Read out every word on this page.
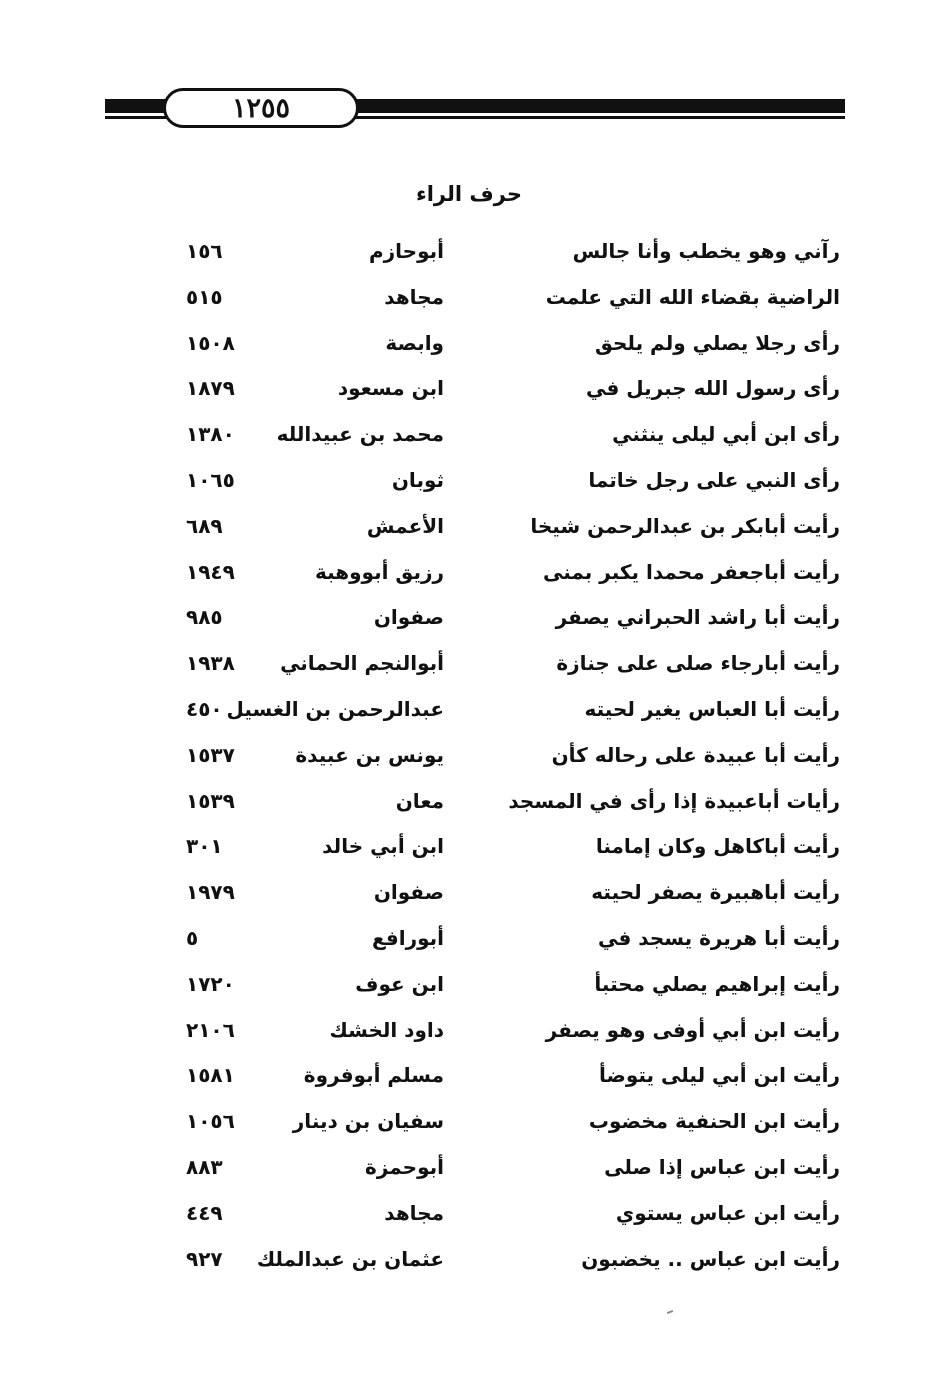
١٢٥٥
حرف الراء
رآني وهو يخطب وأنا جالس
أبوحازم
١٥٦
الراضية بقضاء الله التي علمت
مجاهد
٥١٥
رأى رجلا يصلي ولم يلحق
وابصة
١٥٠٨
رأى رسول الله جبريل في
ابن مسعود
١٨٧٩
رأى ابن أبي ليلى ينثني
محمد بن عبيدالله
١٣٨٠
رأى النبي على رجل خاتما
ثوبان
١٠٦٥
رأيت أبابكر بن عبدالرحمن شيخا
الأعمش
٦٨٩
رأيت أباجعفر محمدا يكبر بمنى
رزيق أبووهبة
١٩٤٩
رأيت أبا راشد الحبراني يصفر
صفوان
٩٨٥
رأيت أبارجاء صلى على جنازة
أبوالنجم الحماني
١٩٣٨
رأيت أبا العباس يغير لحيته
عبدالرحمن بن الغسيل
٤٥٠
رأيت أبا عبيدة على رحاله كأن
يونس بن عبيدة
١٥٣٧
رأيات أباعبيدة إذا رأى في المسجد
معان
١٥٣٩
رأيت أباكاهل وكان إمامنا
ابن أبي خالد
٣٠١
رأيت أباهبيرة يصفر لحيته
صفوان
١٩٧٩
رأيت أبا هريرة يسجد في
أبورافع
٥
رأيت إبراهيم يصلي محتبأ
ابن عوف
١٧٢٠
رأيت ابن أبي أوفى وهو يصفر
داود الخشك
٢١٠٦
رأيت ابن أبي ليلى يتوضأ
مسلم أبوفروة
١٥٨١
رأيت ابن الحنفية مخضوب
سفيان بن دينار
١٠٥٦
رأيت ابن عباس إذا صلى
أبوحمزة
٨٨٣
رأيت ابن عباس يستوي
مجاهد
٤٤٩
رأيت ابن عباس .. يخضبون
عثمان بن عبدالملك
٩٢٧
